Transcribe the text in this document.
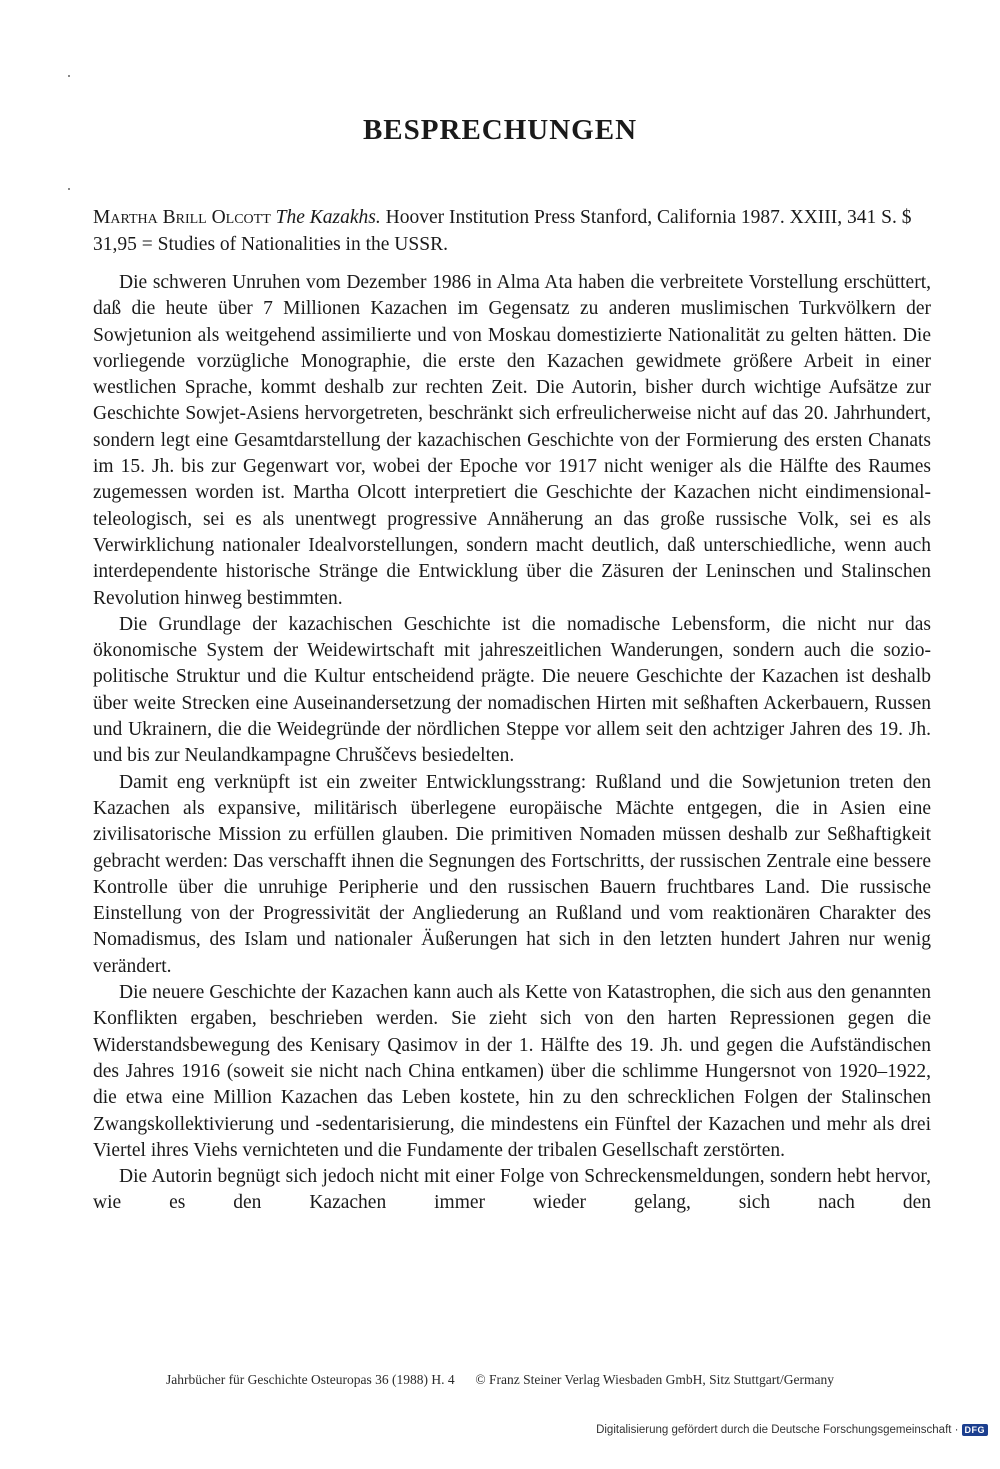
BESPRECHUNGEN
Martha Brill Olcott The Kazakhs. Hoover Institution Press Stanford, California 1987. XXIII, 341 S. $ 31,95 = Studies of Nationalities in the USSR.

Die schweren Unruhen vom Dezember 1986 in Alma Ata haben die verbreitete Vorstellung erschüttert, daß die heute über 7 Millionen Kazachen im Gegensatz zu anderen muslimischen Turkvölkern der Sowjetunion als weitgehend assimilierte und von Moskau domestizierte Nationalität zu gelten hätten. Die vorliegende vorzügliche Monographie, die erste den Kazachen gewidmete größere Arbeit in einer westlichen Sprache, kommt deshalb zur rechten Zeit. Die Autorin, bisher durch wichtige Aufsätze zur Geschichte Sowjet-Asiens hervorgetreten, beschränkt sich erfreulicherweise nicht auf das 20. Jahrhundert, sondern legt eine Gesamtdarstellung der kazachischen Geschichte von der Formierung des ersten Chanats im 15. Jh. bis zur Gegenwart vor, wobei der Epoche vor 1917 nicht weniger als die Hälfte des Raumes zugemessen worden ist. Martha Olcott interpretiert die Geschichte der Kazachen nicht eindimensional-teleologisch, sei es als unentwegt progressive Annäherung an das große russische Volk, sei es als Verwirklichung nationaler Idealvorstellungen, sondern macht deutlich, daß unterschiedliche, wenn auch interdependente historische Stränge die Entwicklung über die Zäsuren der Leninschen und Stalinschen Revolution hinweg bestimmten.

Die Grundlage der kazachischen Geschichte ist die nomadische Lebensform, die nicht nur das ökonomische System der Weidewirtschaft mit jahreszeitlichen Wanderungen, sondern auch die sozio-politische Struktur und die Kultur entscheidend prägte. Die neuere Geschichte der Kazachen ist deshalb über weite Strecken eine Auseinandersetzung der nomadischen Hirten mit seßhaften Ackerbauern, Russen und Ukrainern, die die Weidegründe der nördlichen Steppe vor allem seit den achtziger Jahren des 19. Jh. und bis zur Neulandkampagne Chruščevs besiedelten.

Damit eng verknüpft ist ein zweiter Entwicklungsstrang: Rußland und die Sowjetunion treten den Kazachen als expansive, militärisch überlegene europäische Mächte entgegen, die in Asien eine zivilisatorische Mission zu erfüllen glauben. Die primitiven Nomaden müssen deshalb zur Seßhaftigkeit gebracht werden: Das verschafft ihnen die Segnungen des Fortschritts, der russischen Zentrale eine bessere Kontrolle über die unruhige Peripherie und den russischen Bauern fruchtbares Land. Die russische Einstellung von der Progressivität der Angliederung an Rußland und vom reaktionären Charakter des Nomadismus, des Islam und nationaler Äußerungen hat sich in den letzten hundert Jahren nur wenig verändert.

Die neuere Geschichte der Kazachen kann auch als Kette von Katastrophen, die sich aus den genannten Konflikten ergaben, beschrieben werden. Sie zieht sich von den harten Repressionen gegen die Widerstandsbewegung des Kenisary Qasimov in der 1. Hälfte des 19. Jh. und gegen die Aufständischen des Jahres 1916 (soweit sie nicht nach China entkamen) über die schlimme Hungersnot von 1920–1922, die etwa eine Million Kazachen das Leben kostete, hin zu den schrecklichen Folgen der Stalinschen Zwangskollektivierung und -sedentarisierung, die mindestens ein Fünftel der Kazachen und mehr als drei Viertel ihres Viehs vernichteten und die Fundamente der tribalen Gesellschaft zerstörten.

Die Autorin begnügt sich jedoch nicht mit einer Folge von Schreckensmeldungen, sondern hebt hervor, wie es den Kazachen immer wieder gelang, sich nach den

Jahrbücher für Geschichte Osteuropas 36 (1988) H. 4 © Franz Steiner Verlag Wiesbaden GmbH, Sitz Stuttgart/Germany
Digitalisierung gefördert durch die Deutsche Forschungsgemeinschaft · DFG
